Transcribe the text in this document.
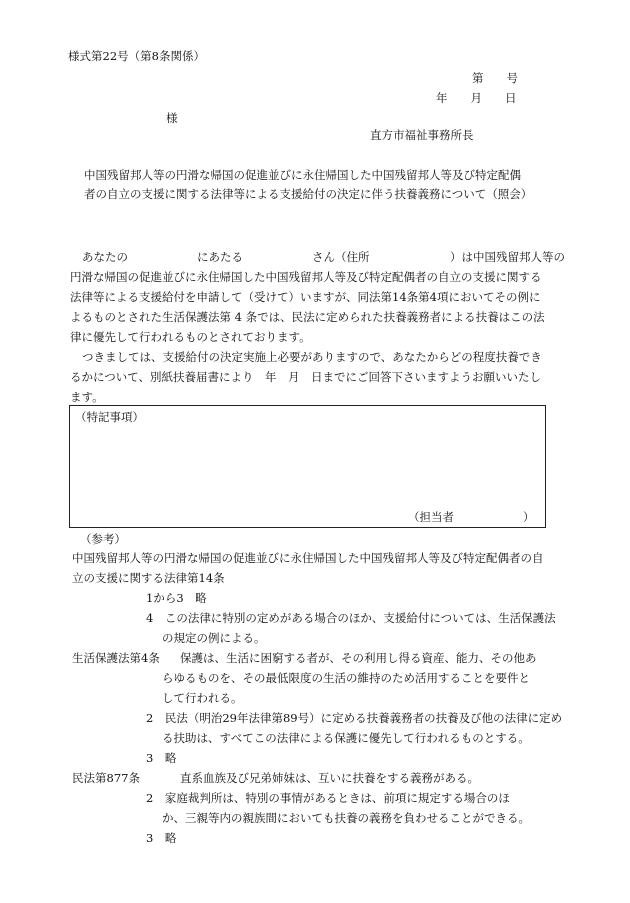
様式第22号（第8条関係）
第　　号
年　　月　　日
様
直方市福祉事務所長
中国残留邦人等の円滑な帰国の促進並びに永住帰国した中国残留邦人等及び特定配偶
者の自立の支援に関する法律等による支援給付の決定に伴う扶養義務について（照会）
あなたの　　　　　　にあたる　　　　　　さん（住所　　　　　　　）は中国残留邦人等の
円滑な帰国の促進並びに永住帰国した中国残留邦人等及び特定配偶者の自立の支援に関する
法律等による支援給付を申請して（受けて）いますが、同法第14条第4項においてその例に
よるものとされた生活保護法第 4 条では、民法に定められた扶養義務者による扶養はこの法
律に優先して行われるものとされております。
つきましては、支援給付の決定実施上必要がありますので、あなたからどの程度扶養でき
るかについて、別紙扶養届書により　年　月　日までにご回答下さいますようお願いいたし
ます。
（特記事項）
（担当者　　　　　　）
（参考）
中国残留邦人等の円滑な帰国の促進並びに永住帰国した中国残留邦人等及び特定配偶者の自
立の支援に関する法律第14条
1から3　略
4　この法律に特別の定めがある場合のほか、支援給付については、生活保護法
の規定の例による。
生活保護法第4条 保護は、生活に困窮する者が、その利用し得る資産、能力、その他あ
らゆるものを、その最低限度の生活の維持のため活用することを要件と
して行われる。
2　民法（明治29年法律第89号）に定める扶養義務者の扶養及び他の法律に定め
る扶助は、すべてこの法律による保護に優先して行われるものとする。
3　略
民法第877条	直系血族及び兄弟姉妹は、互いに扶養をする義務がある。
2　家庭裁判所は、特別の事情があるときは、前項に規定する場合のほ
か、三親等内の親族間においても扶養の義務を負わせることができる。
3　略
